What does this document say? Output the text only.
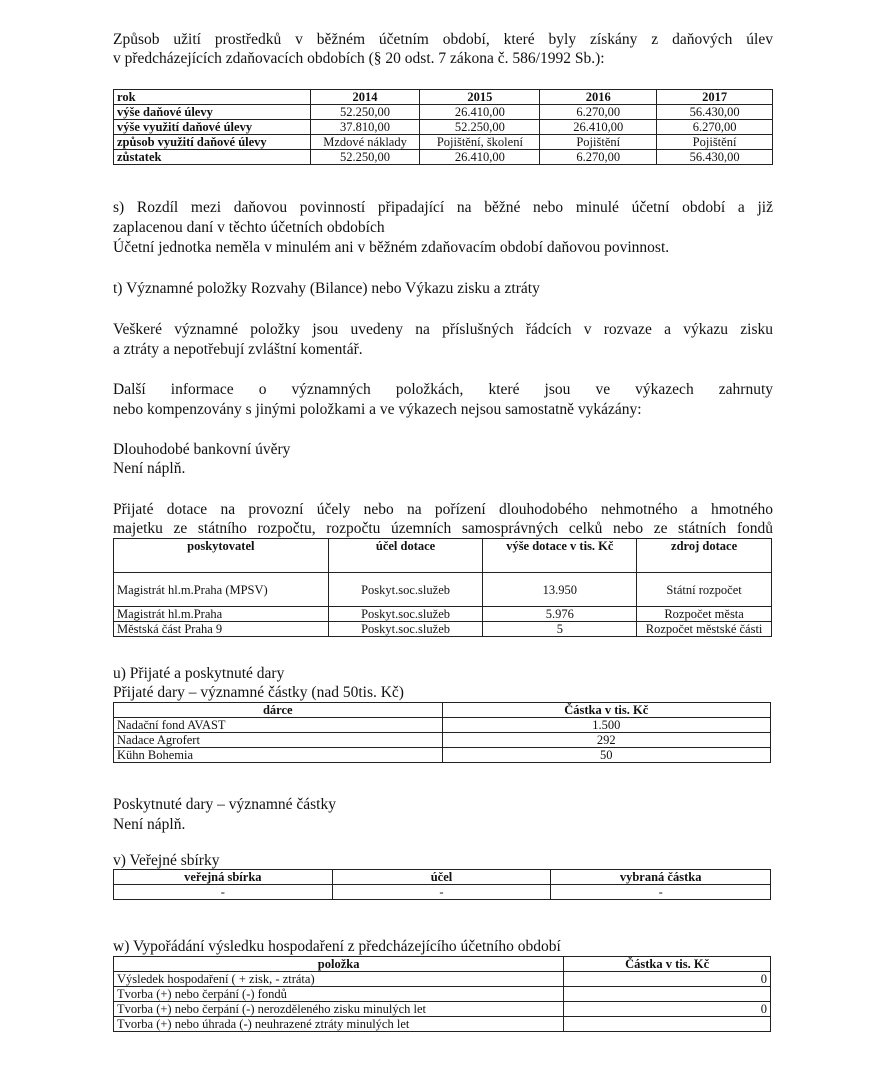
Způsob užití prostředků v běžném účetním období, které byly získány z daňových úlev
v předcházejících zdaňovacích obdobích (§ 20 odst. 7 zákona č. 586/1992 Sb.):
rok	2014	2015	2016	2017
výše daňové úlevy	52.250,00	26.410,00	6.270,00	56.430,00
výše využití daňové úlevy	37.810,00	52.250,00	26.410,00	6.270,00
způsob využití daňové úlevy	Mzdové náklady	Pojištění, školení	Pojištění	Pojištění
zůstatek	52.250,00	26.410,00	6.270,00	56.430,00
s) Rozdíl mezi daňovou povinností připadající na běžné nebo minulé účetní období a již
zaplacenou daní v těchto účetních obdobích
Účetní jednotka neměla v minulém ani v běžném zdaňovacím období daňovou povinnost.
t) Významné položky Rozvahy (Bilance) nebo Výkazu zisku a ztráty
Veškeré významné položky jsou uvedeny na příslušných řádcích v rozvaze a výkazu zisku
a ztráty a nepotřebují zvláštní komentář.
Další informace o významných položkách, které jsou ve výkazech zahrnuty
nebo kompenzovány s jinými položkami a ve výkazech nejsou samostatně vykázány:
Dlouhodobé bankovní úvěry
Není náplň.
Přijaté dotace na provozní účely nebo na pořízení dlouhodobého nehmotného a hmotného
majetku ze státního rozpočtu, rozpočtu územních samosprávných celků nebo ze státních fondů
poskytovatel	účel dotace	výše dotace v tis. Kč	zdroj dotace
Magistrát hl.m.Praha (MPSV)	Poskyt.soc.služeb	13.950	Státní rozpočet
Magistrát hl.m.Praha	Poskyt.soc.služeb	5.976	Rozpočet města
Městská část Praha 9	Poskyt.soc.služeb	5	Rozpočet městské části
u) Přijaté a poskytnuté dary
Přijaté dary – významné částky (nad 50tis. Kč)
dárce	Částka v tis. Kč
Nadační fond AVAST	1.500
Nadace Agrofert	292
Kühn Bohemia	50
Poskytnuté dary – významné částky
Není náplň.
v) Veřejné sbírky
veřejná sbírka	účel	vybraná částka
-	-	-
w) Vypořádání výsledku hospodaření z předcházejícího účetního období
položka	Částka v tis. Kč
Výsledek hospodaření ( + zisk, - ztráta)	0
Tvorba (+) nebo čerpání (-) fondů	
Tvorba (+) nebo čerpání (-) nerozděleného zisku minulých let	0
Tvorba (+) nebo úhrada (-) neuhrazené ztráty minulých let	
